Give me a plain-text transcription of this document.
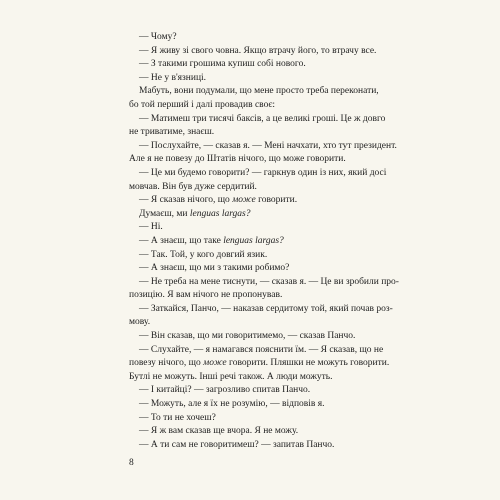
— Чому?
— Я живу зі свого човна. Якщо втрачу його, то втрачу все.
— З такими грошима купиш собі нового.
— Не у в'язниці.
Мабуть, вони подумали, що мене просто треба переконати,
бо той перший і далі провадив своє:
— Матимеш три тисячі баксів, а це великі гроші. Це ж довго
не триватиме, знаєш.
— Послухайте, — сказав я. — Мені начхати, хто тут президент.
Але я не повезу до Штатів нічого, що може говорити.
— Це ми будемо говорити? — гаркнув один із них, який досі
мовчав. Він був дуже сердитий.
— Я сказав нічого, що може говорити.
Думаєш, ми lenguas largas?
— Ні.
— А знаєш, що таке lenguas largas?
— Так. Той, у кого довгий язик.
— А знаєш, що ми з такими робимо?
— Не треба на мене тиснути, — сказав я. — Це ви зробили про-
позицію. Я вам нічого не пропонував.
— Заткайся, Панчо, — наказав сердитому той, який почав роз-
мову.
— Він сказав, що ми говоритимемо, — сказав Панчо.
— Слухайте, — я намагався пояснити їм. — Я сказав, що не
повезу нічого, що може говорити. Пляшки не можуть говорити.
Бутлі не можуть. Інші речі також. А люди можуть.
— І китайці? — загрозливо спитав Панчо.
— Можуть, але я їх не розумію, — відповів я.
— То ти не хочеш?
— Я ж вам сказав ще вчора. Я не можу.
— А ти сам не говоритимеш? — запитав Панчо.
8
